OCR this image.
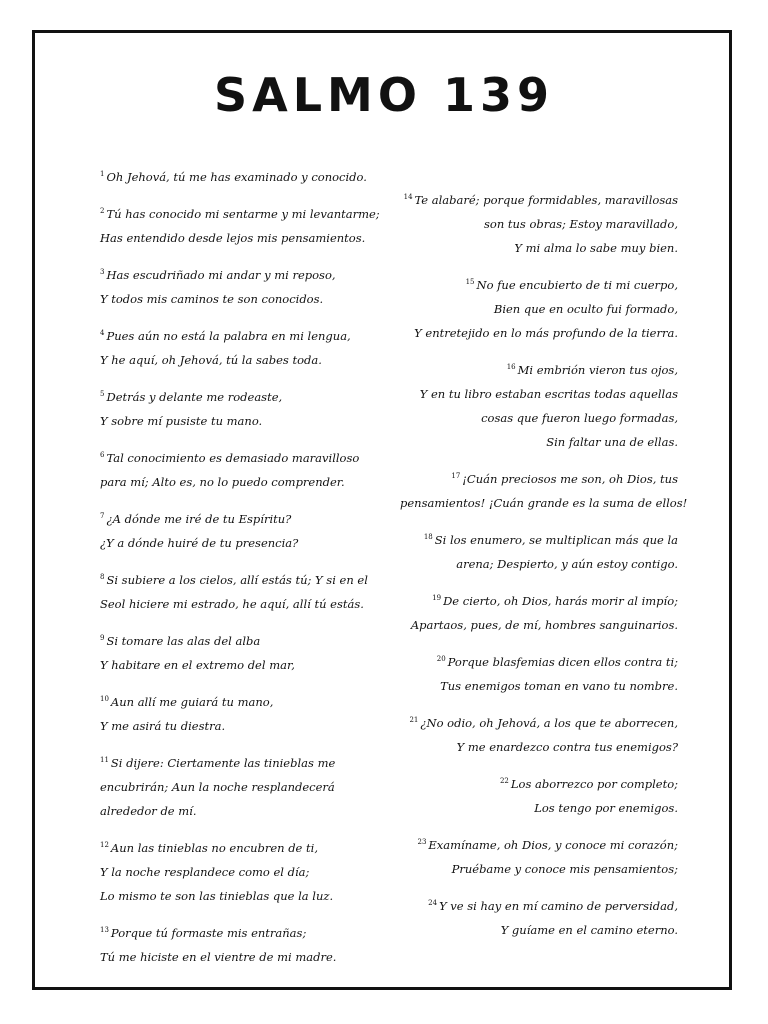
SALMO 139

$^1$ Oh Jehová, tú me has examinado y conocido.

$^2$ Tú has conocido mi sentarme y mi levantarme;
Has entendido desde lejos mis pensamientos.

$^3$ Has escudriñado mi andar y mi reposo,
Y todos mis caminos te son conocidos.

$^4$ Pues aún no está la palabra en mi lengua,
Y he aquí, oh Jehová, tú la sabes toda.

$^5$ Detrás y delante me rodeaste,
Y sobre mí pusiste tu mano.

$^6$ Tal conocimiento es demasiado maravilloso
para mí; Alto es, no lo puedo comprender.

$^7$ ¿A dónde me iré de tu Espíritu?
¿Y a dónde huiré de tu presencia?

$^8$ Si subiere a los cielos, allí estás tú; Y si en el
Seol hiciere mi estrado, he aquí, allí tú estás.

$^9$ Si tomare las alas del alba
Y habitare en el extremo del mar,

$^{10}$ Aun allí me guiará tu mano,
Y me asirá tu diestra.

$^{11}$ Si dijere: Ciertamente las tinieblas me
encubrirán; Aun la noche resplandecerá
alrededor de mí.

$^{12}$ Aun las tinieblas no encubren de ti,
Y la noche resplandece como el día;
Lo mismo te son las tinieblas que la luz.

$^{13}$ Porque tú formaste mis entrañas;
Tú me hiciste en el vientre de mi madre.

$^{14}$ Te alabaré; porque formidables, maravillosas
son tus obras; Estoy maravillado,
Y mi alma lo sabe muy bien.

$^{15}$ No fue encubierto de ti mi cuerpo,
Bien que en oculto fui formado,
Y entretejido en lo más profundo de la tierra.

$^{16}$ Mi embrión vieron tus ojos,
Y en tu libro estaban escritas todas aquellas
cosas que fueron luego formadas,
Sin faltar una de ellas.

$^{17}$ ¡Cuán preciosos me son, oh Dios, tus
pensamientos! ¡Cuán grande es la suma de ellos!

$^{18}$ Si los enumero, se multiplican más que la
arena; Despierto, y aún estoy contigo.

$^{19}$ De cierto, oh Dios, harás morir al impío;
Apartaos, pues, de mí, hombres sanguinarios.

$^{20}$ Porque blasfemias dicen ellos contra ti;
Tus enemigos toman en vano tu nombre.

$^{21}$ ¿No odio, oh Jehová, a los que te aborrecen,
Y me enardezco contra tus enemigos?

$^{22}$ Los aborrezco por completo;
Los tengo por enemigos.

$^{23}$ Examíname, oh Dios, y conoce mi corazón;
Pruébame y conoce mis pensamientos;

$^{24}$ Y ve si hay en mí camino de perversidad,
Y guíame en el camino eterno.
